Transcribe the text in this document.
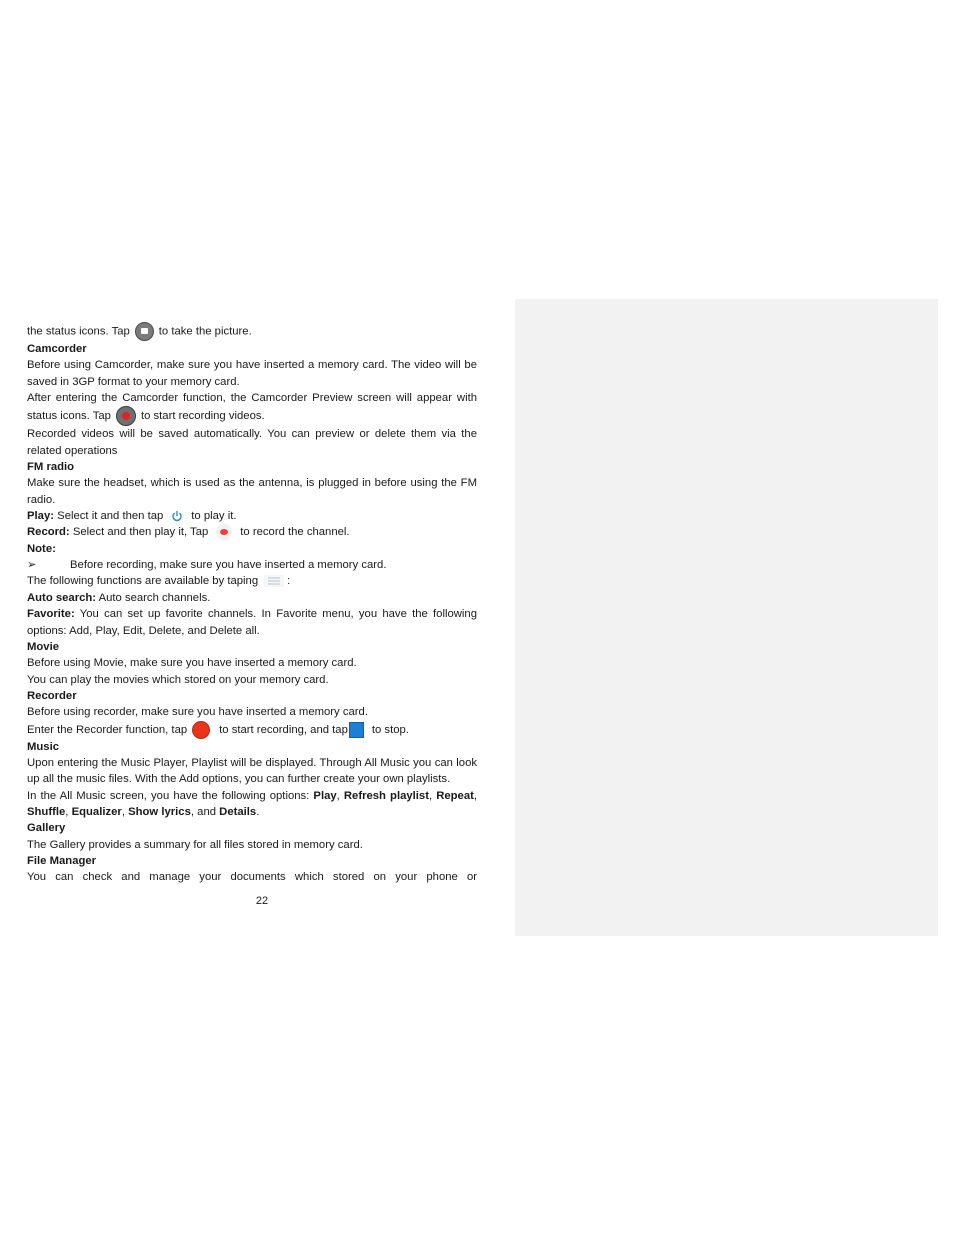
the status icons. Tap	to take the picture.

Camcorder

Before using Camcorder, make sure you have inserted a memory card. The video will be saved in 3GP format to your memory card.

After entering the Camcorder function, the Camcorder Preview screen will appear with status icons. Tap	to start recording videos.

Recorded videos will be saved automatically. You can preview or delete them via the related operations

FM radio

Make sure the headset, which is used as the antenna, is plugged in before using the FM radio.

Play: Select it and then tap to play it.

Record: Select and then play it, Tap	to record the channel.

Note:

➢	Before recording, make sure you have inserted a memory card.

The following functions are available by taping	:

Auto search: Auto search channels.

Favorite: You can set up favorite channels. In Favorite menu, you have the following options: Add, Play, Edit, Delete, and Delete all.

Movie

Before using Movie, make sure you have inserted a memory card.

You can play the movies which stored on your memory card.

Recorder

Before using recorder, make sure you have inserted a memory card.

Enter the Recorder function, tap	to start recording, and tap to stop.

Music

Upon entering the Music Player, Playlist will be displayed. Through All Music you can look up all the music files. With the Add options, you can further create your own playlists.

In the All Music screen, you have the following options: Play, Refresh playlist, Repeat, Shuffle, Equalizer, Show lyrics, and Details.

Gallery

The Gallery provides a summary for all files stored in memory card.

File Manager

You can check and manage your documents which stored on your phone or

22
